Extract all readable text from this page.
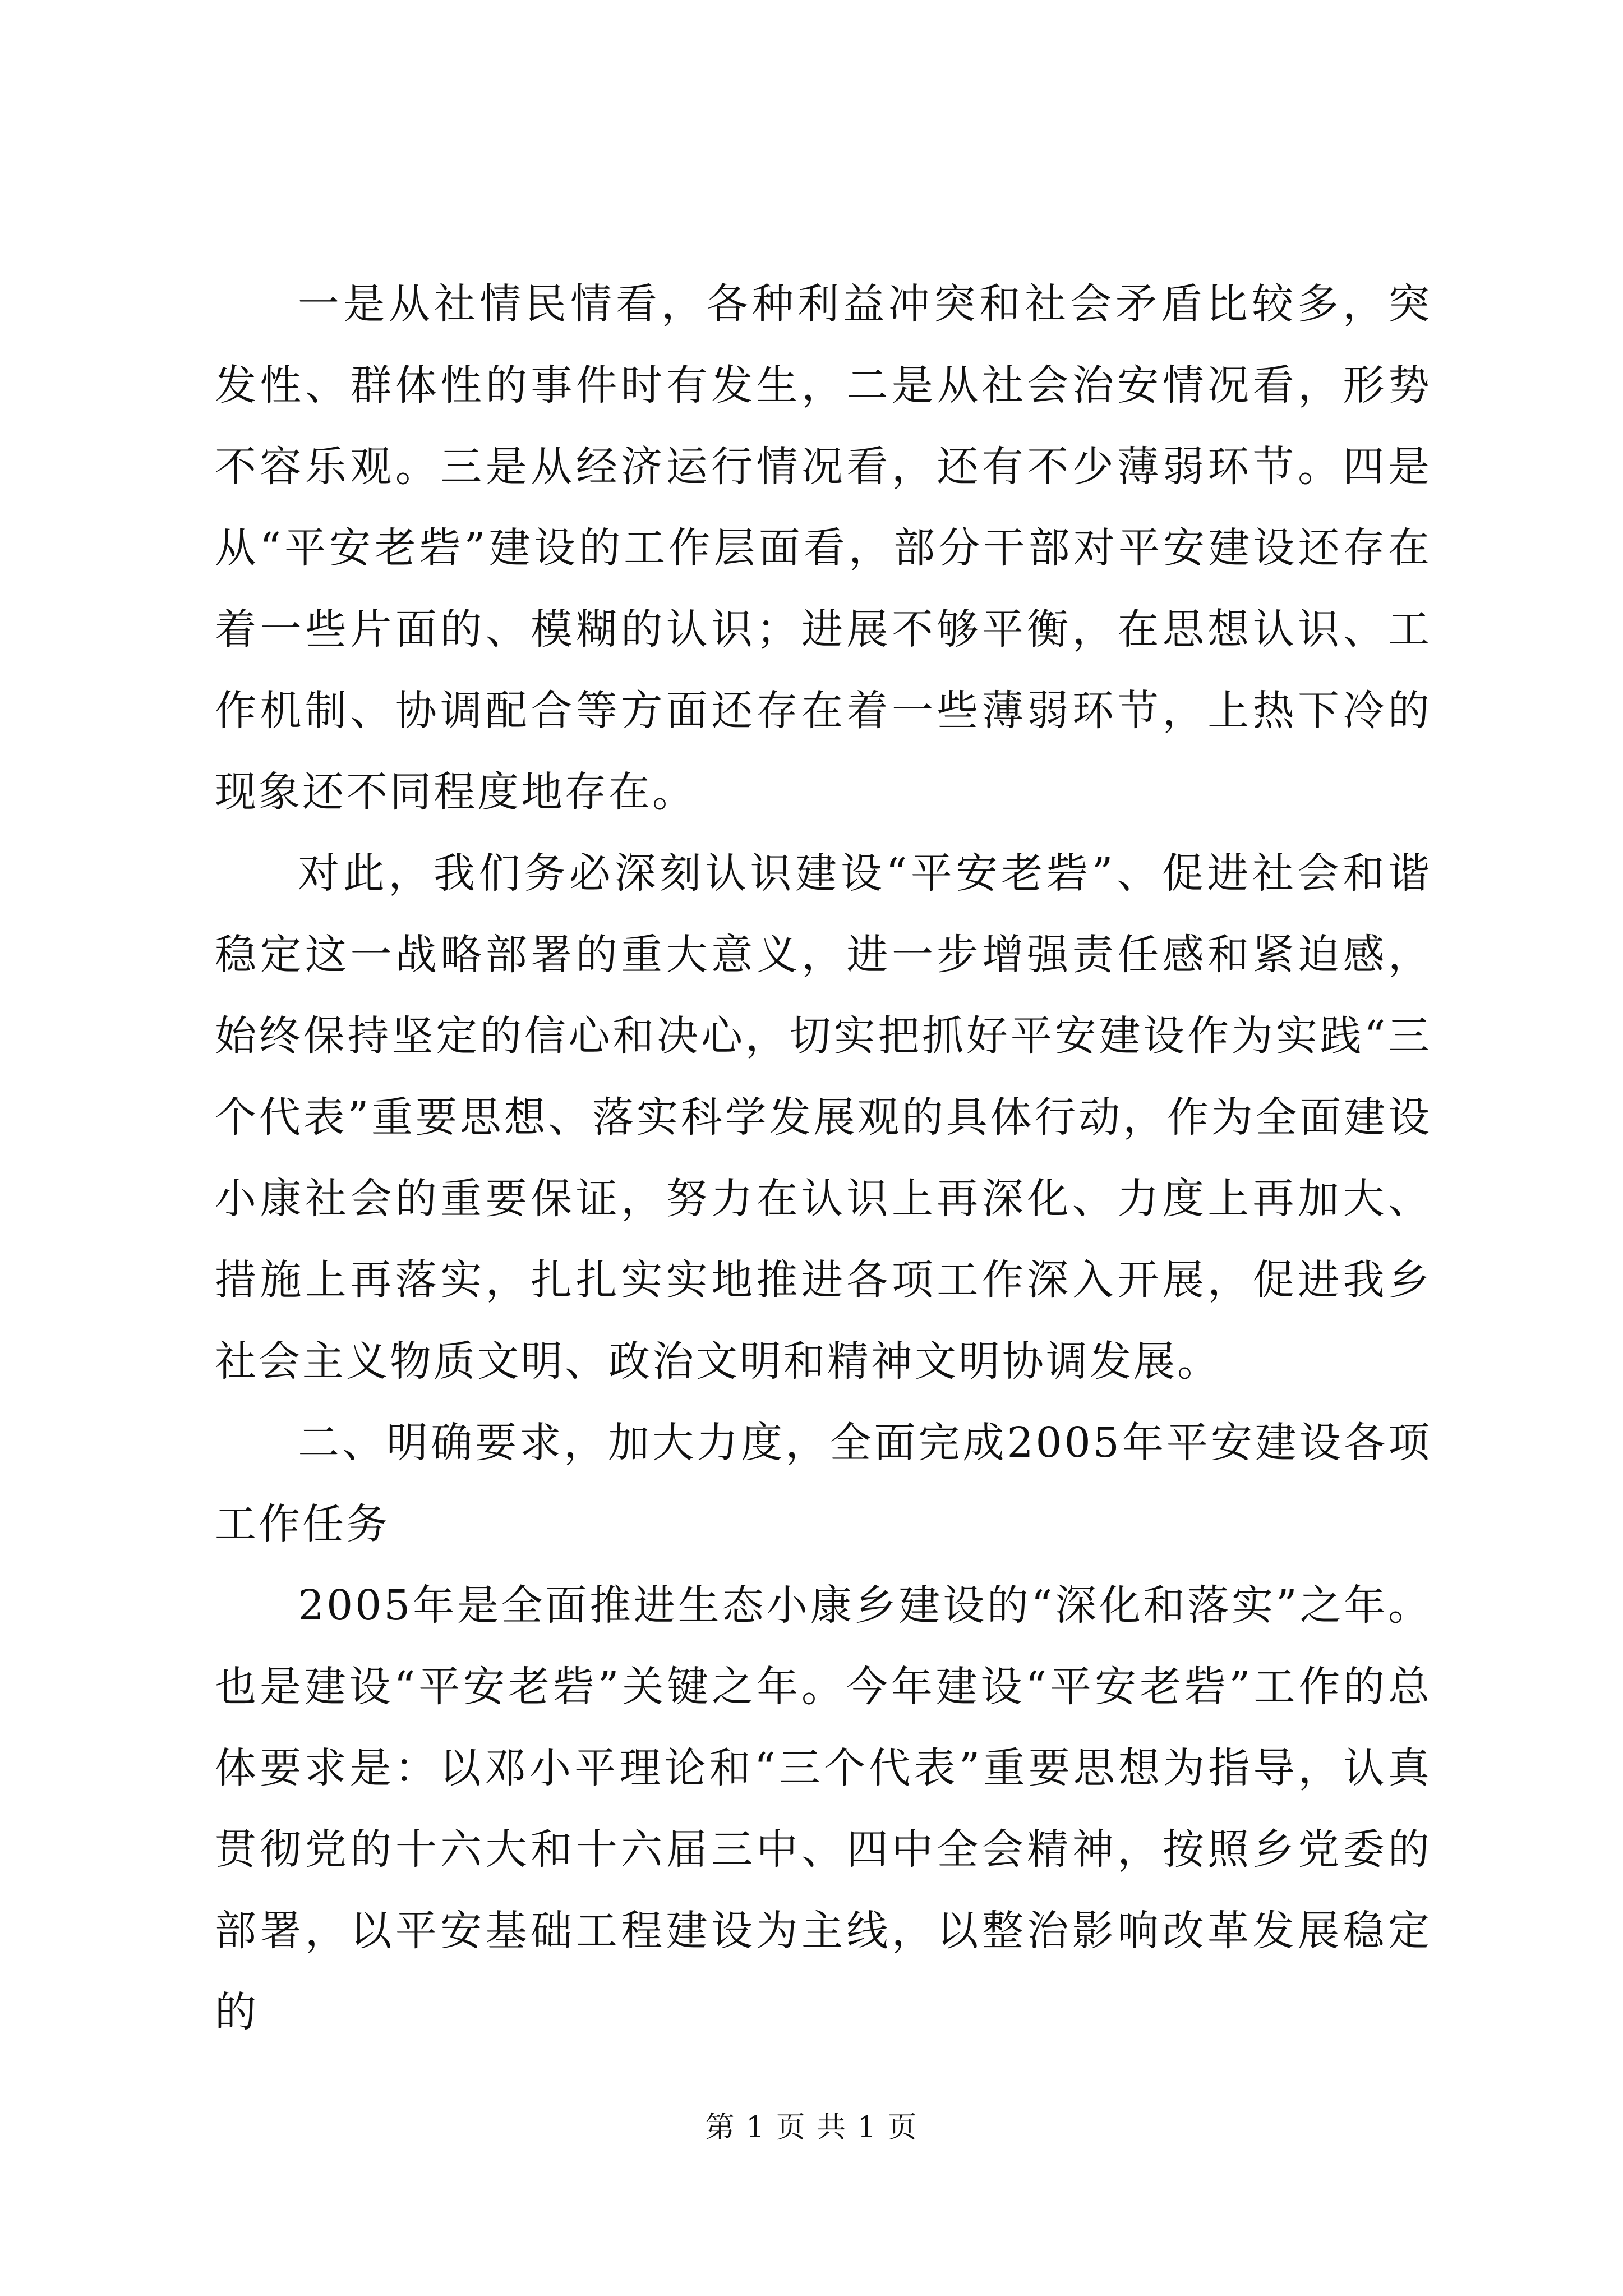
一是从社情民情看，各种利益冲突和社会矛盾比较多，突发性、群体性的事件时有发生，二是从社会治安情况看，形势不容乐观。三是从经济运行情况看，还有不少薄弱环节。四是从“平安老砦”建设的工作层面看，部分干部对平安建设还存在着一些片面的、模糊的认识；进展不够平衡，在思想认识、工作机制、协调配合等方面还存在着一些薄弱环节，上热下冷的现象还不同程度地存在。

对此，我们务必深刻认识建设“平安老砦”、促进社会和谐稳定这一战略部署的重大意义，进一步增强责任感和紧迫感，始终保持坚定的信心和决心，切实把抓好平安建设作为实践“三个代表”重要思想、落实科学发展观的具体行动，作为全面建设小康社会的重要保证，努力在认识上再深化、力度上再加大、措施上再落实，扎扎实实地推进各项工作深入开展，促进我乡社会主义物质文明、政治文明和精神文明协调发展。

二、明确要求，加大力度，全面完成2005年平安建设各项工作任务

2005年是全面推进生态小康乡建设的“深化和落实”之年。也是建设“平安老砦”关键之年。今年建设“平安老砦”工作的总体要求是：以邓小平理论和“三个代表”重要思想为指导，认真贯彻党的十六大和十六届三中、四中全会精神，按照乡党委的部署，以平安基础工程建设为主线，以整治影响改革发展稳定的

第 1 页 共 1 页
